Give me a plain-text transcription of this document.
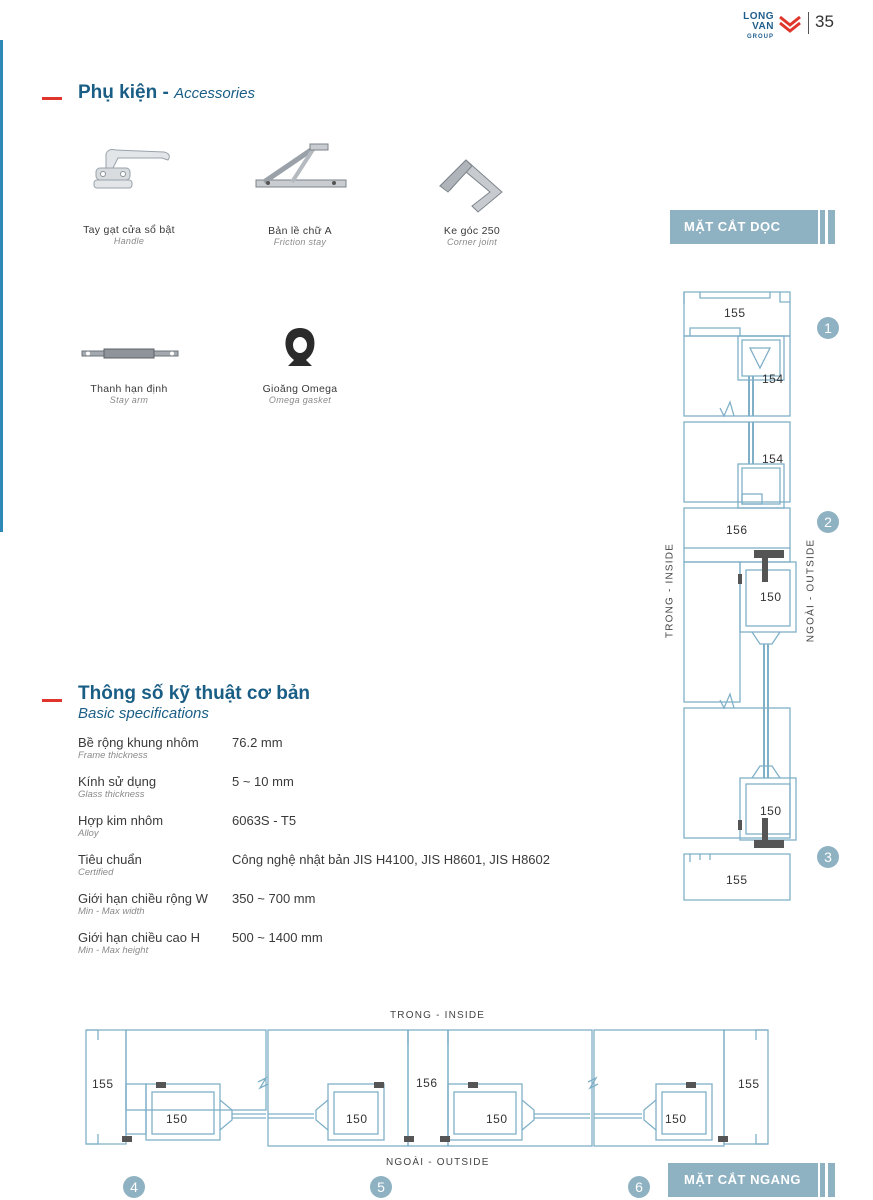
LONG VAN
GROUP
35
Phụ kiện - Accessories
Tay gạt cửa sổ bật
Handle
Bản lề chữ A
Friction stay
Ke góc 250
Corner joint
Thanh hạn định
Stay arm
Gioăng Omega
Omega gasket
Thông số kỹ thuật cơ bản
Basic specifications
Bề rộng khung nhôm
Frame thickness
76.2 mm
Kính sử dụng
Glass thickness
5 ~ 10 mm
Hợp kim nhôm
Alloy
6063S - T5
Tiêu chuẩn
Certified
Công nghệ nhật bản JIS H4100, JIS H8601, JIS H8602
Giới hạn chiều rộng W
Min - Max width
350 ~ 700 mm
Giới hạn chiều cao H
Min - Max height
500 ~ 1400 mm
MẶT CẮT DỌC
155
154
154
156
150
150
155
TRONG - INSIDE	NGOÀI - OUTSIDE
1
2
3
TRONG - INSIDE
NGOÀI - OUTSIDE
155
150	150
156
150	150
155
4	5	6	MẶT CẮT NGANG
